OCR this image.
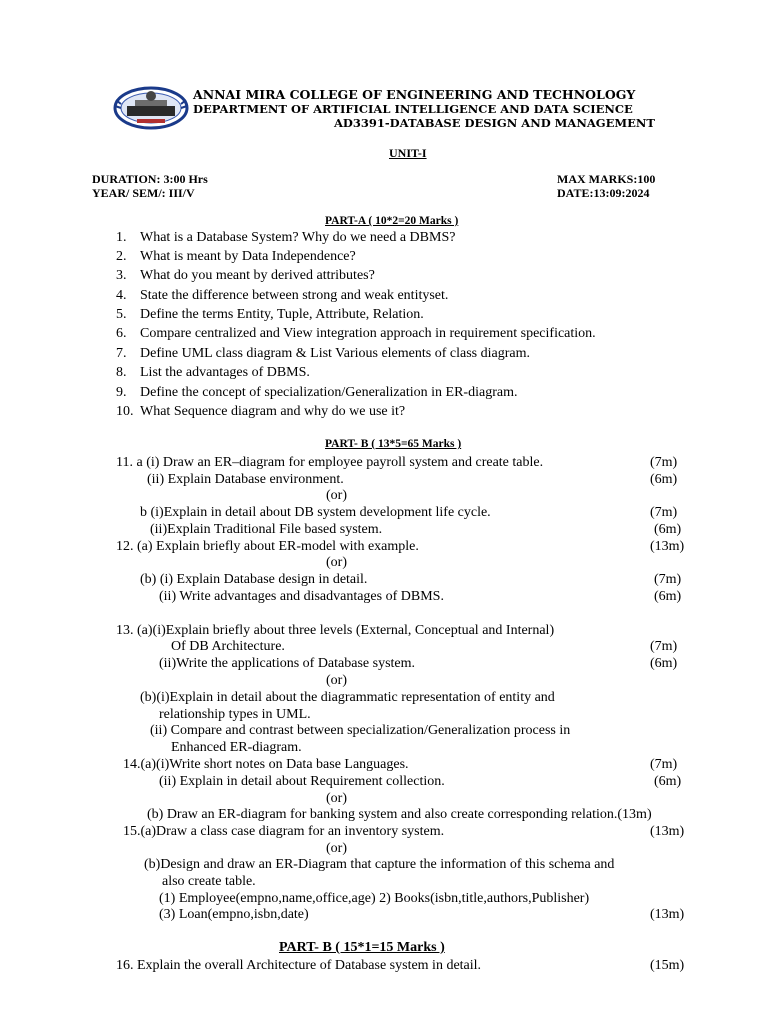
ANNAI MIRA COLLEGE OF ENGINEERING AND TECHNOLOGY
DEPARTMENT OF ARTIFICIAL INTELLIGENCE AND DATA SCIENCE
AD3391-DATABASE DESIGN AND MANAGEMENT
UNIT-I
DURATION: 3:00 Hrs
YEAR/ SEM/: III/V
MAX MARKS:100
DATE:13:09:2024
PART-A ( 10*2=20 Marks )
1. What is a Database System? Why do we need a DBMS?
2. What is meant by Data Independence?
3. What do you meant by derived attributes?
4. State the difference between strong and weak entityset.
5. Define the terms Entity, Tuple, Attribute, Relation.
6. Compare centralized and View integration approach in requirement specification.
7. Define UML class diagram & List Various elements of class diagram.
8. List the advantages of DBMS.
9. Define the concept of specialization/Generalization in ER-diagram.
10. What Sequence diagram and why do we use it?
PART- B ( 13*5=65 Marks )
11. a (i) Draw an ER–diagram for employee payroll system and create table.	(7m)
(ii) Explain Database environment.	(6m)
(or)
b (i)Explain in detail about DB system development life cycle.	(7m)
(ii)Explain Traditional File based system.	(6m)
12. (a) Explain briefly about ER-model with example.	(13m)
(or)
(b) (i) Explain Database design in detail.	(7m)
(ii) Write advantages and disadvantages of DBMS.	(6m)
13. (a)(i)Explain briefly about three levels (External, Conceptual and Internal)
Of DB Architecture.	(7m)
(ii)Write the applications of Database system.	(6m)
(or)
(b)(i)Explain in detail about the diagrammatic representation of entity and
relationship types in UML.
(ii) Compare and contrast between specialization/Generalization process in
Enhanced ER-diagram.
14.(a)(i)Write short notes on Data base Languages.	(7m)
(ii) Explain in detail about Requirement collection.	(6m)
(or)
(b) Draw an ER-diagram for banking system and also create corresponding relation.(13m)
15.(a)Draw a class case diagram for an inventory system.	(13m)
(or)
(b)Design and draw an ER-Diagram that capture the information of this schema and
also create table.
(1) Employee(empno,name,office,age) 2) Books(isbn,title,authors,Publisher)
(3) Loan(empno,isbn,date)	(13m)
PART- B ( 15*1=15 Marks )
16. Explain the overall Architecture of Database system in detail.	(15m)
